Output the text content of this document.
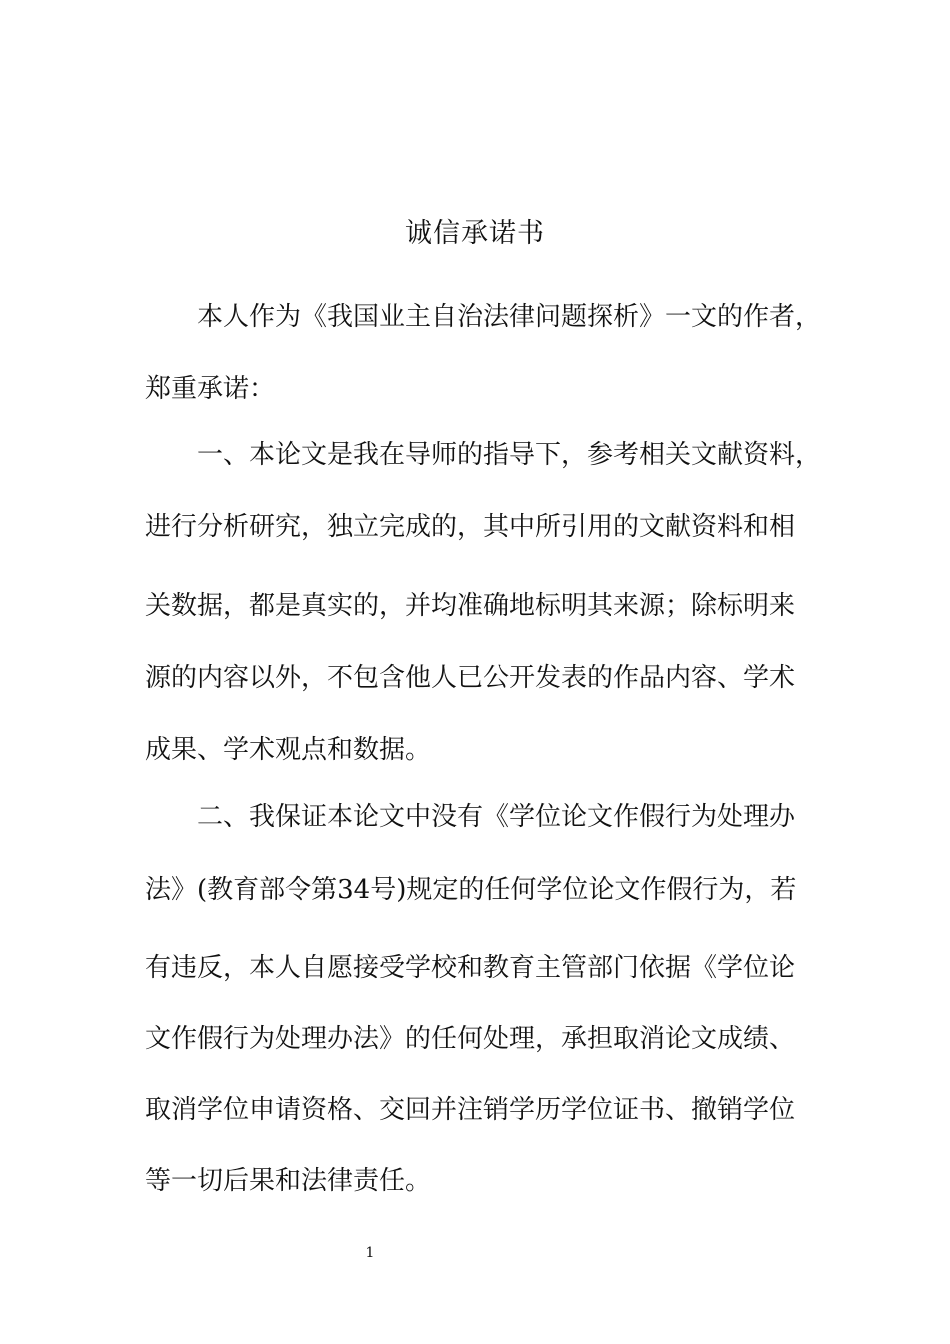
诚信承诺书
本人作为《我国业主自治法律问题探析》一文的作者，
郑重承诺：
一、本论文是我在导师的指导下，参考相关文献资料，
进行分析研究，独立完成的，其中所引用的文献资料和相
关数据，都是真实的，并均准确地标明其来源；除标明来
源的内容以外，不包含他人已公开发表的作品内容、学术
成果、学术观点和数据。
二、我保证本论文中没有《学位论文作假行为处理办
法》(教育部令第34号)规定的任何学位论文作假行为，若
有违反，本人自愿接受学校和教育主管部门依据《学位论
文作假行为处理办法》的任何处理，承担取消论文成绩、
取消学位申请资格、交回并注销学历学位证书、撤销学位
等一切后果和法律责任。
1
